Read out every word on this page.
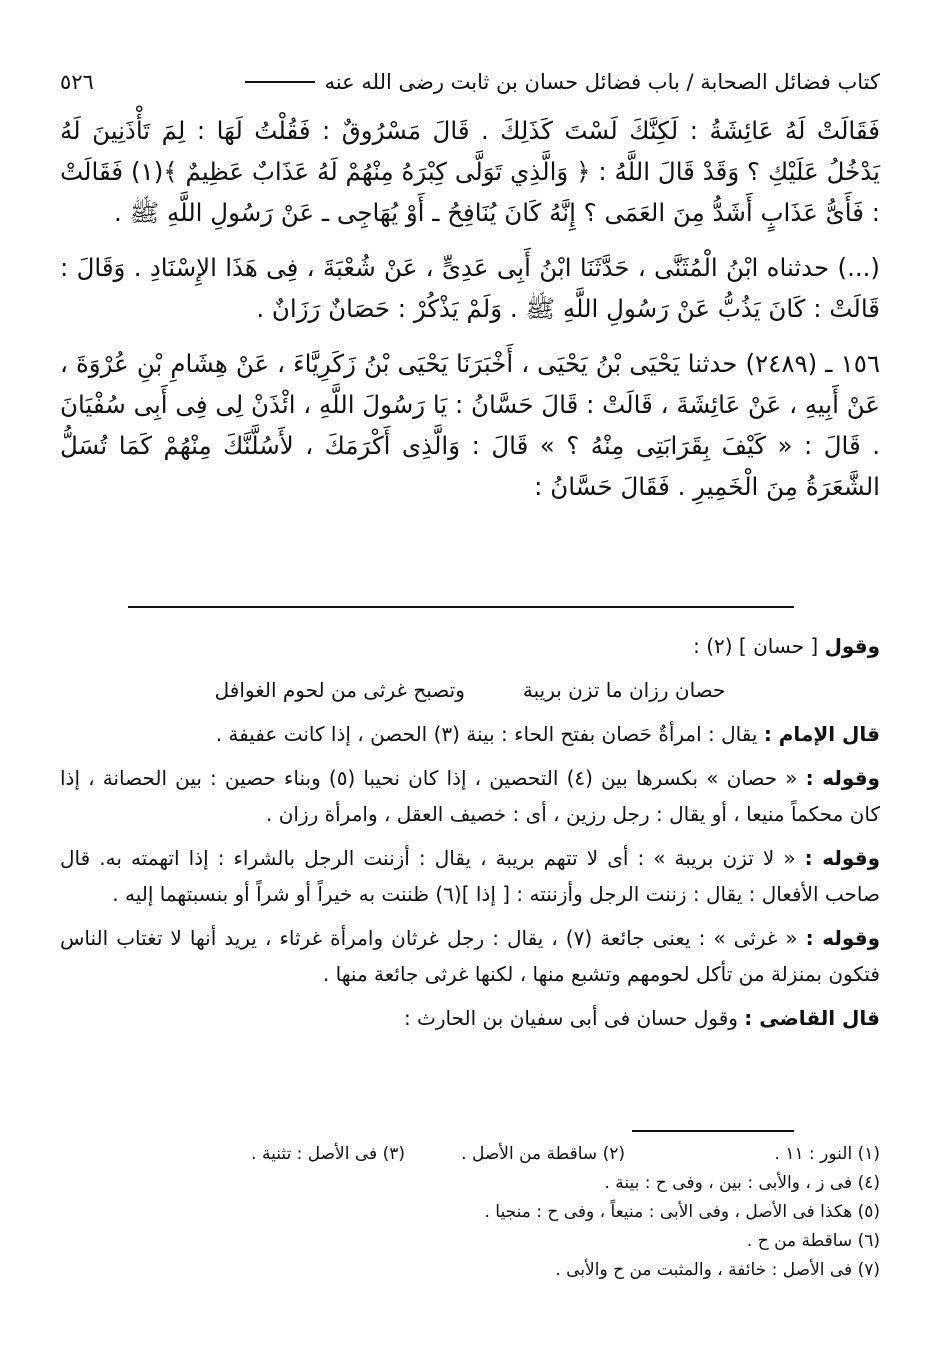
كتاب فضائل الصحابة / باب فضائل حسان بن ثابت رضى الله عنه
٥٢٦

فَقَالَتْ لَهُ عَائِشَةُ : لَكِنَّكَ لَسْتَ كَذَلِكَ . قَالَ مَسْرُوقٌ : فَقُلْتُ لَهَا : لِمَ تَأْذَنِينَ لَهُ يَدْخُلُ عَلَيْكِ ؟ وَقَدْ قَالَ اللَّهُ : ﴿ وَالَّذِي تَوَلَّى كِبْرَهُ مِنْهُمْ لَهُ عَذَابٌ عَظِيمٌ ﴾(١) فَقَالَتْ : فَأَىُّ عَذَابٍ أَشَدُّ مِنَ العَمَى ؟ إِنَّهُ كَانَ يُنَافِحُ ـ أَوْ يُهَاجِى ـ عَنْ رَسُولِ اللَّهِ ﷺ .

(...) حدثناه ابْنُ الْمُثَنَّى ، حَدَّثَنَا ابْنُ أَبِى عَدِىٍّ ، عَنْ شُعْبَةَ ، فِى هَذَا الإِسْنَادِ . وَقَالَ : قَالَتْ : كَانَ يَذُبُّ عَنْ رَسُولِ اللَّهِ ﷺ . وَلَمْ يَذْكُرْ : حَصَانٌ رَزَانٌ .

١٥٦ ـ (٢٤٨٩) حدثنا يَحْيَى بْنُ يَحْيَى ، أَخْبَرَنَا يَحْيَى بْنُ زَكَرِيَّاءَ ، عَنْ هِشَامِ بْنِ عُرْوَةَ ، عَنْ أَبِيهِ ، عَنْ عَائِشَةَ ، قَالَتْ : قَالَ حَسَّانُ : يَا رَسُولَ اللَّهِ ، ائْذَنْ لِى فِى أَبِى سُفْيَانَ . قَالَ : « كَيْفَ بِقَرَابَتِى مِنْهُ ؟ » قَالَ : وَالَّذِى أَكْرَمَكَ ، لأَسُلَّنَّكَ مِنْهُمْ كَمَا تُسَلُّ الشَّعَرَةُ مِنَ الْخَمِيرِ . فَقَالَ حَسَّانُ :

وقول [ حسان ] (٢) :

حصان رزان ما تزن بريبة
وتصبح غرثى من لحوم الغوافل

قال الإمام : يقال : امرأةٌ حَصان بفتح الحاء : بينة (٣) الحصن ، إذا كانت عفيفة .

وقوله : « حصان » بكسرها بين (٤) التحصين ، إذا كان نحيبا (٥) وبناء حصين : بين الحصانة ، إذا كان محكماً منيعا ، أو يقال : رجل رزين ، أى : خصيف العقل ، وامرأة رزان .

وقوله : « لا تزن بريبة » : أى لا تتهم بريبة ، يقال : أزننت الرجل بالشراء : إذا اتهمته به. قال صاحب الأفعال : يقال : زننت الرجل وأزننته : [ إذا ](٦) ظننت به خيراً أو شراً أو بنسبتهما إليه .

وقوله : « غرثى » : يعنى جائعة (٧) ، يقال : رجل غرثان وامرأة غرثاء ، يريد أنها لا تغتاب الناس فتكون بمنزلة من تأكل لحومهم وتشبع منها ، لكنها غرثى جائعة منها .

قال القاضى : وقول حسان فى أبى سفيان بن الحارث :

(١) النور : ١١ .
(٢) ساقطة من الأصل .
(٣) فى الأصل : تثنية .
(٤) فى ز ، والأبى : بين ، وفى ح : بينة .
(٥) هكذا فى الأصل ، وفى الأبى : منيعاً ، وفى ح : منجيا .
(٦) ساقطة من ح .
(٧) فى الأصل : خائفة ، والمثبت من ح والأبى .
